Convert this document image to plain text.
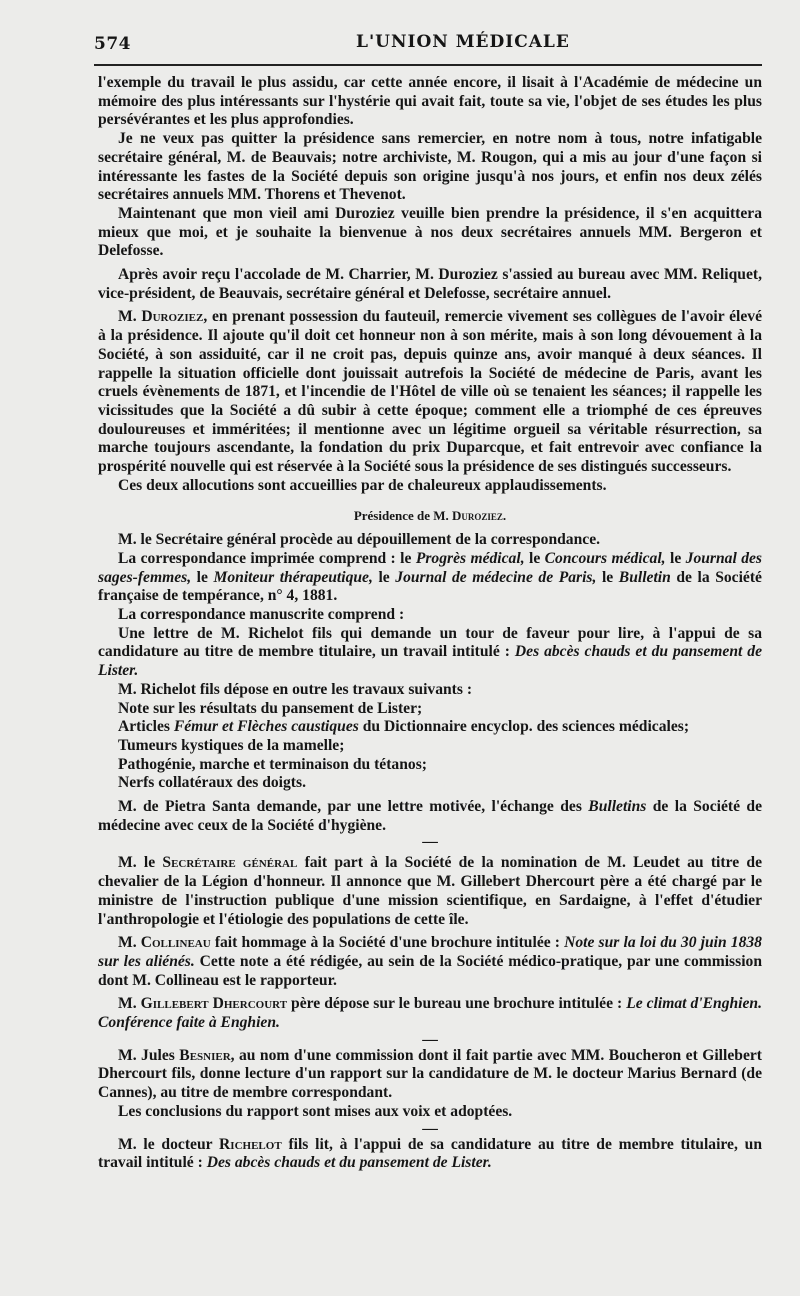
574	L'UNION MÉDICALE

l'exemple du travail le plus assidu, car cette année encore, il lisait à l'Académie de médecine un mémoire des plus intéressants sur l'hystérie qui avait fait, toute sa vie, l'objet de ses études les plus persévérantes et les plus approfondies.

Je ne veux pas quitter la présidence sans remercier, en notre nom à tous, notre infatigable secrétaire général, M. de Beauvais; notre archiviste, M. Rougon, qui a mis au jour d'une façon si intéressante les fastes de la Société depuis son origine jusqu'à nos jours, et enfin nos deux zélés secrétaires annuels MM. Thorens et Thevenot.

Maintenant que mon vieil ami Duroziez veuille bien prendre la présidence, il s'en acquittera mieux que moi, et je souhaite la bienvenue à nos deux secrétaires annuels MM. Bergeron et Delefosse.

Après avoir reçu l'accolade de M. Charrier, M. Duroziez s'assied au bureau avec MM. Reliquet, vice-président, de Beauvais, secrétaire général et Delefosse, secrétaire annuel.

M. Duroziez, en prenant possession du fauteuil, remercie vivement ses collègues de l'avoir élevé à la présidence. Il ajoute qu'il doit cet honneur non à son mérite, mais à son long dévouement à la Société, à son assiduité, car il ne croit pas, depuis quinze ans, avoir manqué à deux séances. Il rappelle la situation officielle dont jouissait autrefois la Société de médecine de Paris, avant les cruels évènements de 1871, et l'incendie de l'Hôtel de ville où se tenaient les séances; il rappelle les vicissitudes que la Société a dû subir à cette époque; comment elle a triomphé de ces épreuves douloureuses et imméritées; il mentionne avec un légitime orgueil sa véritable résurrection, sa marche toujours ascendante, la fondation du prix Duparcque, et fait entrevoir avec confiance la prospérité nouvelle qui est réservée à la Société sous la présidence de ses distingués successeurs.

Ces deux allocutions sont accueillies par de chaleureux applaudissements.

Présidence de M. Duroziez.

M. le Secrétaire général procède au dépouillement de la correspondance.

La correspondance imprimée comprend : le Progrès médical, le Concours médical, le Journal des sages-femmes, le Moniteur thérapeutique, le Journal de médecine de Paris, le Bulletin de la Société française de tempérance, n° 4, 1881.

La correspondance manuscrite comprend :

Une lettre de M. Richelot fils qui demande un tour de faveur pour lire, à l'appui de sa candidature au titre de membre titulaire, un travail intitulé : Des abcès chauds et du pansement de Lister.

M. Richelot fils dépose en outre les travaux suivants :

Note sur les résultats du pansement de Lister;

Articles Fémur et Flèches caustiques du Dictionnaire encyclop. des sciences médicales;

Tumeurs kystiques de la mamelle;

Pathogénie, marche et terminaison du tétanos;

Nerfs collatéraux des doigts.

M. de Pietra Santa demande, par une lettre motivée, l'échange des Bulletins de la Société de médecine avec ceux de la Société d'hygiène.

—

M. le Secrétaire général fait part à la Société de la nomination de M. Leudet au titre de chevalier de la Légion d'honneur. Il annonce que M. Gillebert Dhercourt père a été chargé par le ministre de l'instruction publique d'une mission scientifique, en Sardaigne, à l'effet d'étudier l'anthropologie et l'étiologie des populations de cette île.

M. Collineau fait hommage à la Société d'une brochure intitulée : Note sur la loi du 30 juin 1838 sur les aliénés. Cette note a été rédigée, au sein de la Société médico-pratique, par une commission dont M. Collineau est le rapporteur.

M. Gillebert Dhercourt père dépose sur le bureau une brochure intitulée : Le climat d'Enghien. Conférence faite à Enghien.

—

M. Jules Besnier, au nom d'une commission dont il fait partie avec MM. Boucheron et Gillebert Dhercourt fils, donne lecture d'un rapport sur la candidature de M. le docteur Marius Bernard (de Cannes), au titre de membre correspondant.

Les conclusions du rapport sont mises aux voix et adoptées.

—

M. le docteur Richelot fils lit, à l'appui de sa candidature au titre de membre titulaire, un travail intitulé : Des abcès chauds et du pansement de Lister.
